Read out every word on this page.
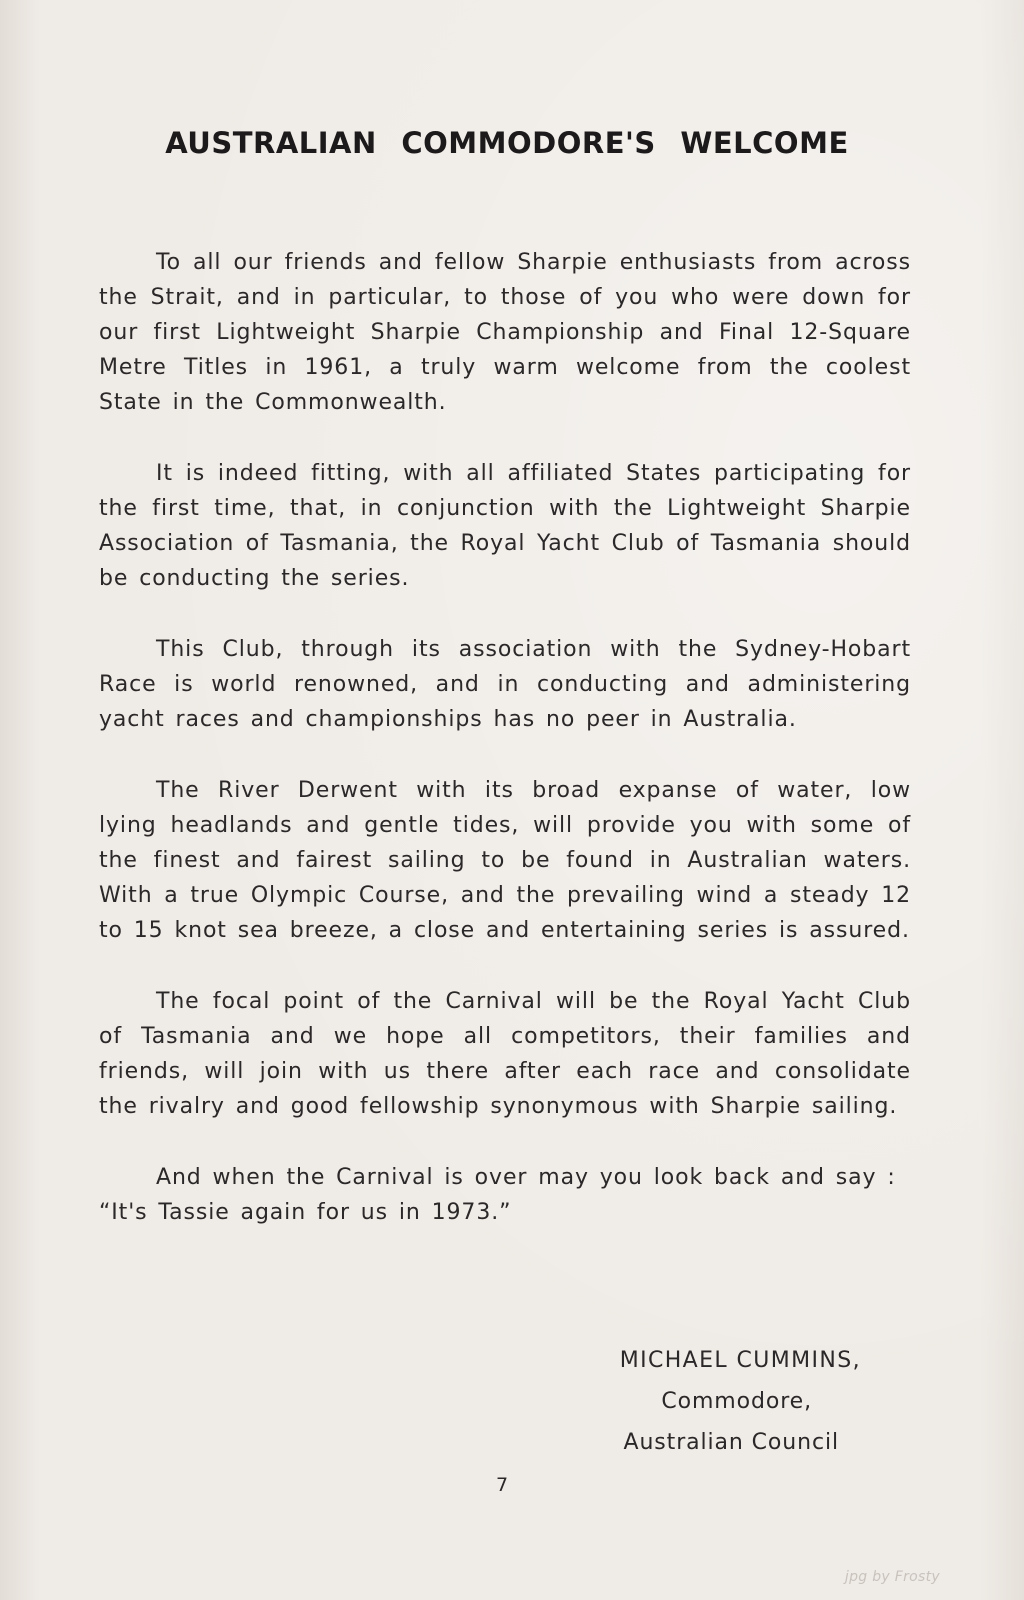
AUSTRALIAN COMMODORE'S WELCOME

To all our friends and fellow Sharpie enthusiasts from across the Strait, and in particular, to those of you who were down for our first Lightweight Sharpie Championship and Final 12-Square Metre Titles in 1961, a truly warm welcome from the coolest State in the Commonwealth.

It is indeed fitting, with all affiliated States participating for the first time, that, in conjunction with the Lightweight Sharpie Association of Tasmania, the Royal Yacht Club of Tasmania should be conducting the series.

This Club, through its association with the Sydney-Hobart Race is world renowned, and in conducting and administering yacht races and championships has no peer in Australia.

The River Derwent with its broad expanse of water, low lying headlands and gentle tides, will provide you with some of the finest and fairest sailing to be found in Australian waters. With a true Olympic Course, and the prevailing wind a steady 12 to 15 knot sea breeze, a close and entertaining series is assured.

The focal point of the Carnival will be the Royal Yacht Club of Tasmania and we hope all competitors, their families and friends, will join with us there after each race and consolidate the rivalry and good fellowship synonymous with Sharpie sailing.

And when the Carnival is over may you look back and say : “It's Tassie again for us in 1973.”

MICHAEL CUMMINS,
Commodore,
Australian Council
7
jpg by Frosty
